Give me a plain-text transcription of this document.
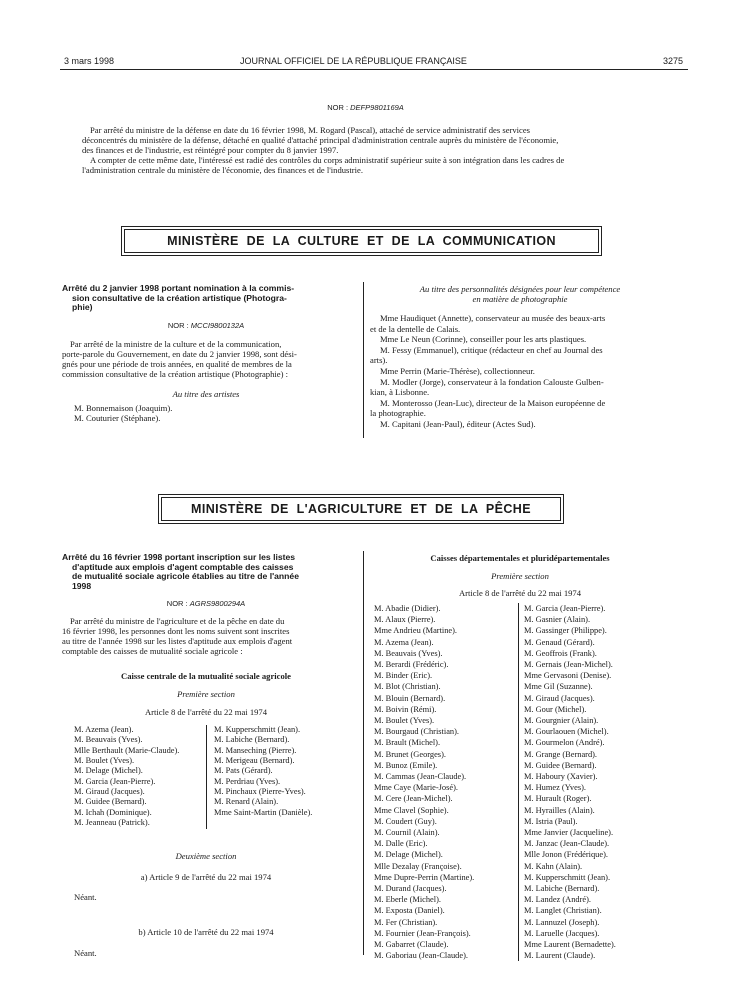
3 mars 1998	JOURNAL OFFICIEL DE LA RÉPUBLIQUE FRANÇAISE	3275
NOR : DEFP9801169A
Par arrêté du ministre de la défense en date du 16 février 1998, M. Rogard (Pascal), attaché de service administratif des services
déconcentrés du ministère de la défense, détaché en qualité d'attaché principal d'administration centrale auprès du ministère de l'économie,
des finances et de l'industrie, est réintégré pour compter du 8 janvier 1997.
A compter de cette même date, l'intéressé est radié des contrôles du corps administratif supérieur suite à son intégration dans les cadres de
l'administration centrale du ministère de l'économie, des finances et de l'industrie.
MINISTÈRE DE LA CULTURE ET DE LA COMMUNICATION
Arrêté du 2 janvier 1998 portant nomination à la commis-
sion consultative de la création artistique (Photogra-
phie)
NOR : MCCI9800132A
Par arrêté de la ministre de la culture et de la communication,
porte-parole du Gouvernement, en date du 2 janvier 1998, sont dési-
gnés pour une période de trois années, en qualité de membres de la
commission consultative de la création artistique (Photographie) :
Au titre des artistes
M. Bonnemaison (Joaquim).
M. Couturier (Stéphane).
Au titre des personnalités désignées pour leur compétence
en matière de photographie
Mme Haudiquet (Annette), conservateur au musée des beaux-arts
et de la dentelle de Calais.
Mme Le Neun (Corinne), conseiller pour les arts plastiques.
M. Fessy (Emmanuel), critique (rédacteur en chef au Journal des
arts).
Mme Perrin (Marie-Thérèse), collectionneur.
M. Modler (Jorge), conservateur à la fondation Calouste Gulben-
kian, à Lisbonne.
M. Monterosso (Jean-Luc), directeur de la Maison européenne de
la photographie.
M. Capitani (Jean-Paul), éditeur (Actes Sud).
MINISTÈRE DE L'AGRICULTURE ET DE LA PÊCHE
Arrêté du 16 février 1998 portant inscription sur les listes
d'aptitude aux emplois d'agent comptable des caisses
de mutualité sociale agricole établies au titre de l'année
1998
NOR : AGRS9800294A
Par arrêté du ministre de l'agriculture et de la pêche en date du
16 février 1998, les personnes dont les noms suivent sont inscrites
au titre de l'année 1998 sur les listes d'aptitude aux emplois d'agent
comptable des caisses de mutualité sociale agricole :
Caisse centrale de la mutualité sociale agricole
Première section
Article 8 de l'arrêté du 22 mai 1974
M. Azema (Jean).
M. Beauvais (Yves).
Mlle Berthault (Marie-Claude).
M. Boulet (Yves).
M. Delage (Michel).
M. Garcia (Jean-Pierre).
M. Giraud (Jacques).
M. Guidee (Bernard).
M. Ichah (Dominique).
M. Jeanneau (Patrick).
M. Kupperschmitt (Jean).
M. Labiche (Bernard).
M. Manseching (Pierre).
M. Merigeau (Bernard).
M. Pats (Gérard).
M. Perdriau (Yves).
M. Pinchaux (Pierre-Yves).
M. Renard (Alain).
Mme Saint-Martin (Danièle).
Deuxième section
a) Article 9 de l'arrêté du 22 mai 1974
Néant.
b) Article 10 de l'arrêté du 22 mai 1974
Néant.
Caisses départementales et pluridépartementales
Première section
Article 8 de l'arrêté du 22 mai 1974
M. Abadie (Didier).
M. Alaux (Pierre).
Mme Andrieu (Martine).
M. Azema (Jean).
M. Beauvais (Yves).
M. Berardi (Frédéric).
M. Binder (Eric).
M. Blot (Christian).
M. Blouin (Bernard).
M. Boivin (Rémi).
M. Boulet (Yves).
M. Bourgaud (Christian).
M. Brault (Michel).
M. Brunet (Georges).
M. Bunoz (Emile).
M. Cammas (Jean-Claude).
Mme Caye (Marie-José).
M. Cere (Jean-Michel).
Mme Clavel (Sophie).
M. Coudert (Guy).
M. Cournil (Alain).
M. Dalle (Eric).
M. Delage (Michel).
Mlle Dezalay (Françoise).
Mme Dupre-Perrin (Martine).
M. Durand (Jacques).
M. Eberle (Michel).
M. Exposta (Daniel).
M. Fer (Christian).
M. Fournier (Jean-François).
M. Gabarret (Claude).
M. Gaboriau (Jean-Claude).
M. Garcia (Jean-Pierre).
M. Gasnier (Alain).
M. Gassinger (Philippe).
M. Genaud (Gérard).
M. Geoffrois (Frank).
M. Gernais (Jean-Michel).
Mme Gervasoni (Denise).
Mme Gil (Suzanne).
M. Giraud (Jacques).
M. Gour (Michel).
M. Gourgnier (Alain).
M. Gourlaouen (Michel).
M. Gourmelon (André).
M. Grange (Bernard).
M. Guidee (Bernard).
M. Haboury (Xavier).
M. Humez (Yves).
M. Hurault (Roger).
M. Hyrailles (Alain).
M. Istria (Paul).
Mme Janvier (Jacqueline).
M. Janzac (Jean-Claude).
Mlle Jonon (Frédérique).
M. Kahn (Alain).
M. Kupperschmitt (Jean).
M. Labiche (Bernard).
M. Landez (André).
M. Langlet (Christian).
M. Lannuzel (Joseph).
M. Laruelle (Jacques).
Mme Laurent (Bernadette).
M. Laurent (Claude).
